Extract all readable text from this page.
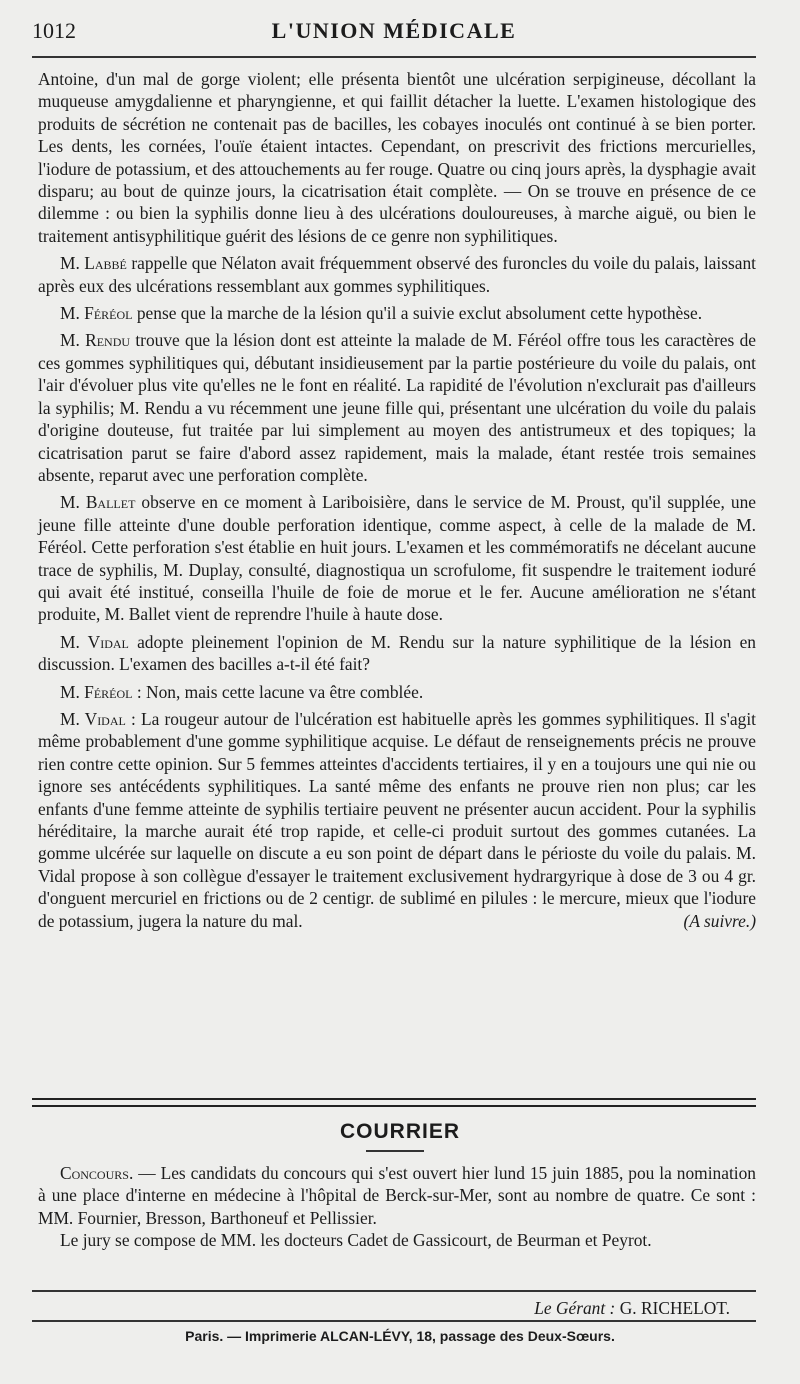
1012	L'UNION MÉDICALE

Antoine, d'un mal de gorge violent; elle présenta bientôt une ulcération serpigineuse, décollant la muqueuse amygdalienne et pharyngienne, et qui faillit détacher la luette. L'examen histologique des produits de sécrétion ne contenait pas de bacilles, les cobayes inoculés ont continué à se bien porter. Les dents, les cornées, l'ouïe étaient intactes. Cependant, on prescrivit des frictions mercurielles, l'iodure de potassium, et des attouchements au fer rouge. Quatre ou cinq jours après, la dysphagie avait disparu; au bout de quinze jours, la cicatrisation était complète. — On se trouve en présence de ce dilemme : ou bien la syphilis donne lieu à des ulcérations douloureuses, à marche aiguë, ou bien le traitement antisyphilitique guérit des lésions de ce genre non syphilitiques.

M. Labbé rappelle que Nélaton avait fréquemment observé des furoncles du voile du palais, laissant après eux des ulcérations ressemblant aux gommes syphilitiques.

M. Féréol pense que la marche de la lésion qu'il a suivie exclut absolument cette hypothèse.

M. Rendu trouve que la lésion dont est atteinte la malade de M. Féréol offre tous les caractères de ces gommes syphilitiques qui, débutant insidieusement par la partie postérieure du voile du palais, ont l'air d'évoluer plus vite qu'elles ne le font en réalité. La rapidité de l'évolution n'exclurait pas d'ailleurs la syphilis; M. Rendu a vu récemment une jeune fille qui, présentant une ulcération du voile du palais d'origine douteuse, fut traitée par lui simplement au moyen des antistrumeux et des topiques; la cicatrisation parut se faire d'abord assez rapidement, mais la malade, étant restée trois semaines absente, reparut avec une perforation complète.

M. Ballet observe en ce moment à Lariboisière, dans le service de M. Proust, qu'il supplée, une jeune fille atteinte d'une double perforation identique, comme aspect, à celle de la malade de M. Féréol. Cette perforation s'est établie en huit jours. L'examen et les commémoratifs ne décelant aucune trace de syphilis, M. Duplay, consulté, diagnostiqua un scrofulome, fit suspendre le traitement ioduré qui avait été institué, conseilla l'huile de foie de morue et le fer. Aucune amélioration ne s'étant produite, M. Ballet vient de reprendre l'huile à haute dose.

M. Vidal adopte pleinement l'opinion de M. Rendu sur la nature syphilitique de la lésion en discussion. L'examen des bacilles a-t-il été fait?

M. Féréol : Non, mais cette lacune va être comblée.

M. Vidal : La rougeur autour de l'ulcération est habituelle après les gommes syphilitiques. Il s'agit même probablement d'une gomme syphilitique acquise. Le défaut de renseignements précis ne prouve rien contre cette opinion. Sur 5 femmes atteintes d'accidents tertiaires, il y en a toujours une qui nie ou ignore ses antécédents syphilitiques. La santé même des enfants ne prouve rien non plus; car les enfants d'une femme atteinte de syphilis tertiaire peuvent ne présenter aucun accident. Pour la syphilis héréditaire, la marche aurait été trop rapide, et celle-ci produit surtout des gommes cutanées. La gomme ulcérée sur laquelle on discute a eu son point de départ dans le périoste du voile du palais. M. Vidal propose à son collègue d'essayer le traitement exclusivement hydrargyrique à dose de 3 ou 4 gr. d'onguent mercuriel en frictions ou de 2 centigr. de sublimé en pilules : le mercure, mieux que l'iodure de potassium, jugera la nature du mal.	(A suivre.)

COURRIER

Concours. — Les candidats du concours qui s'est ouvert hier lund 15 juin 1885, pou la nomination à une place d'interne en médecine à l'hôpital de Berck-sur-Mer, sont au nombre de quatre. Ce sont : MM. Fournier, Bresson, Barthoneuf et Pellissier.

Le jury se compose de MM. les docteurs Cadet de Gassicourt, de Beurman et Peyrot.

Le Gérant : G. RICHELOT.
Paris. — Imprimerie ALCAN-LÉVY, 18, passage des Deux-Sœurs.
